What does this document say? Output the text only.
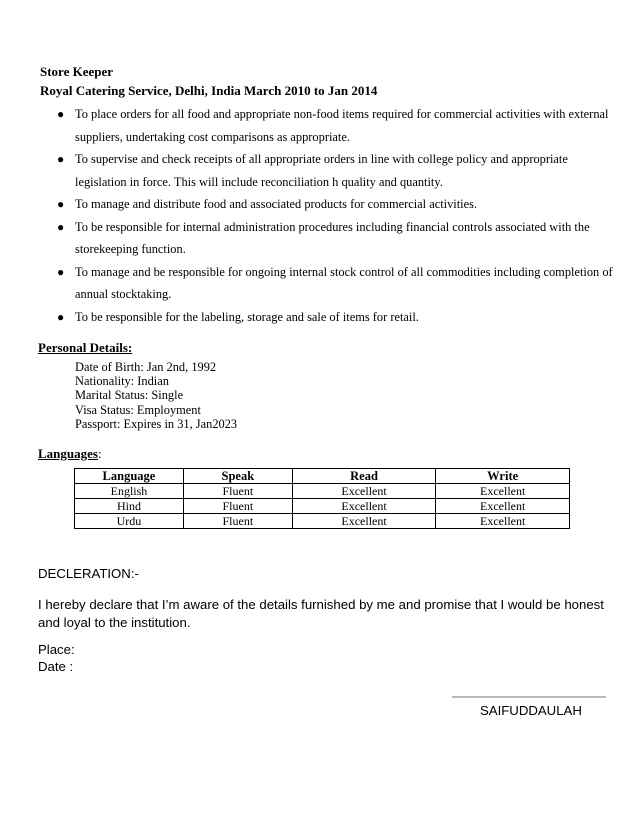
Store Keeper
Royal Catering Service, Delhi, India March 2010 to Jan 2014
● To place orders for all food and appropriate non-food items required for commercial activities with external suppliers, undertaking cost comparisons as appropriate.
● To supervise and check receipts of all appropriate orders in line with college policy and appropriate legislation in force. This will include reconciliation h quality and quantity.
● To manage and distribute food and associated products for commercial activities.
● To be responsible for internal administration procedures including financial controls associated with the storekeeping function.
● To manage and be responsible for ongoing internal stock control of all commodities including completion of annual stocktaking.
● To be responsible for the labeling, storage and sale of items for retail.
Personal Details:
Date of Birth: Jan 2nd, 1992
Nationality: Indian
Marital Status: Single
Visa Status: Employment
Passport: Expires in 31, Jan2023
Languages:
Language	Speak	Read	Write
English	Fluent	Excellent	Excellent
Hind	Fluent	Excellent	Excellent
Urdu	Fluent	Excellent	Excellent
DECLERATION:-
I hereby declare that I’m aware of the details furnished by me and promise that I would be honest and loyal to the institution.
Place:
Date :
SAIFUDDAULAH
